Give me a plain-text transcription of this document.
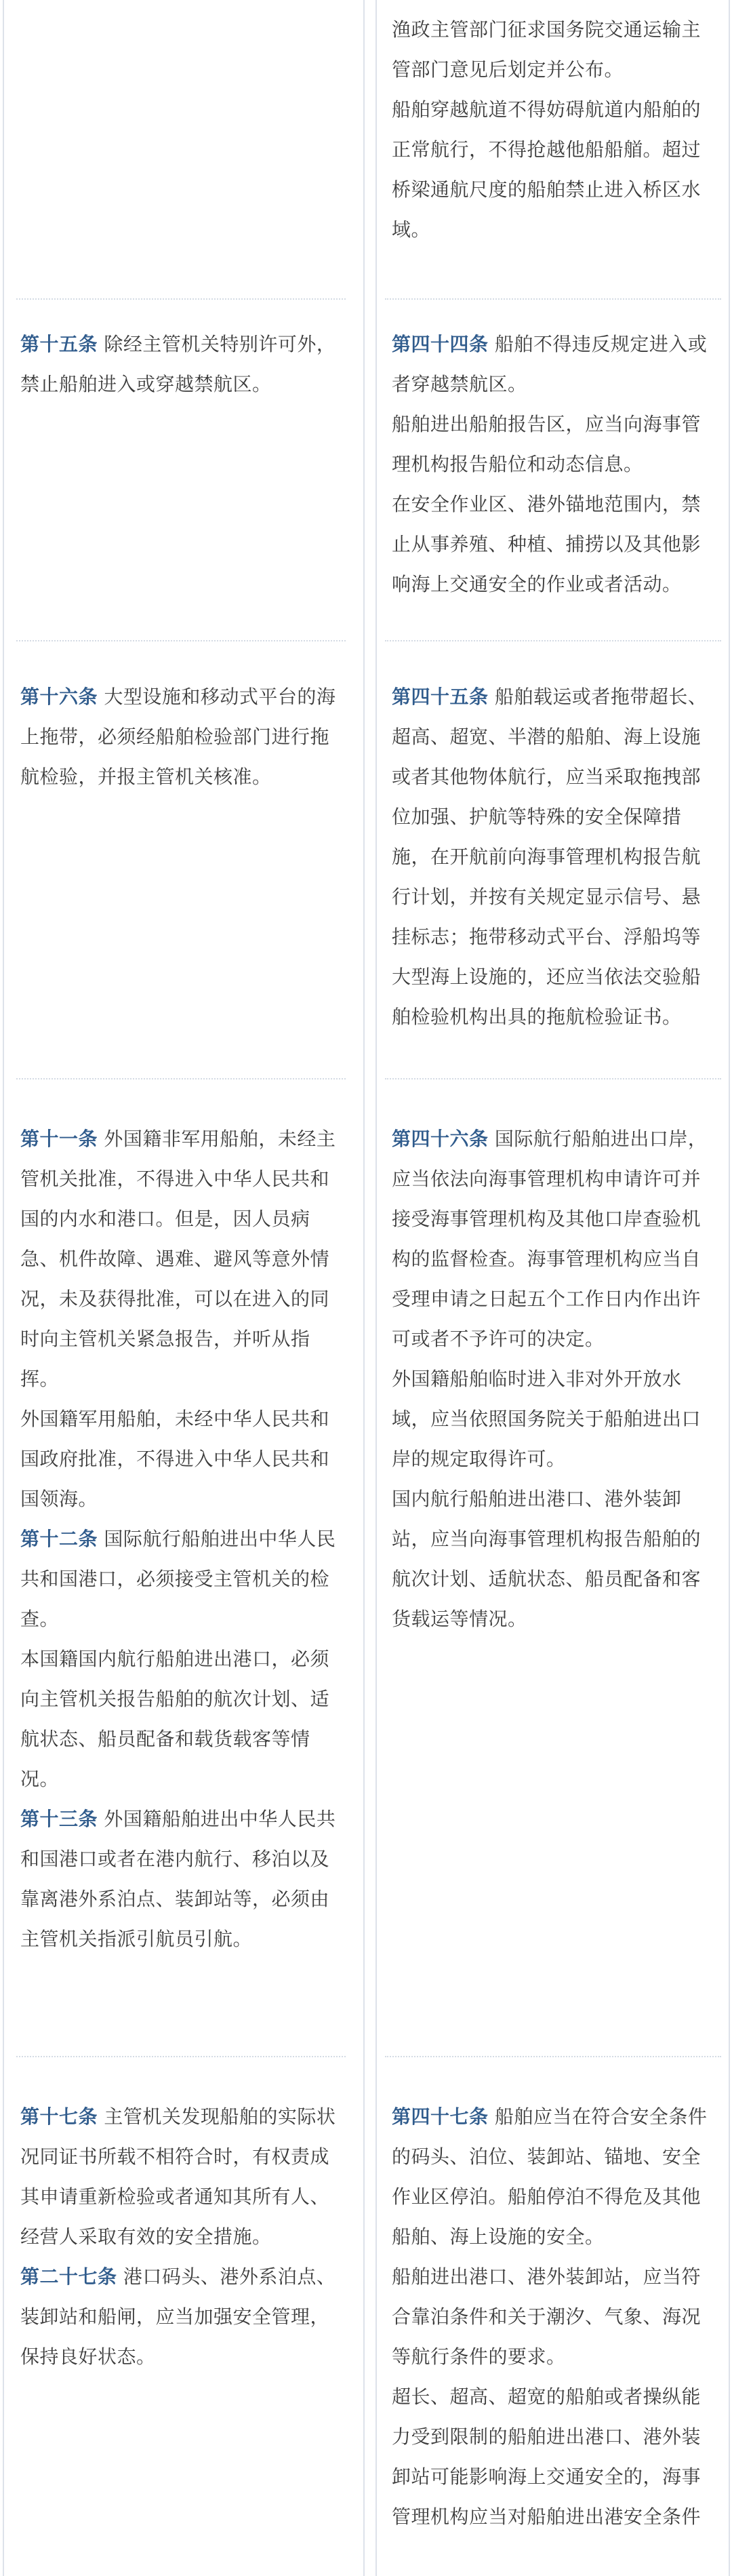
第十五条 除经主管机关特别许可外，禁止船舶进入或穿越禁航区。

第十六条 大型设施和移动式平台的海上拖带，必须经船舶检验部门进行拖航检验，并报主管机关核准。

第十一条 外国籍非军用船舶，未经主管机关批准，不得进入中华人民共和国的内水和港口。但是，因人员病急、机件故障、遇难、避风等意外情况，未及获得批准，可以在进入的同时向主管机关紧急报告，并听从指挥。

外国籍军用船舶，未经中华人民共和国政府批准，不得进入中华人民共和国领海。

第十二条 国际航行船舶进出中华人民共和国港口，必须接受主管机关的检查。

本国籍国内航行船舶进出港口，必须向主管机关报告船舶的航次计划、适航状态、船员配备和载货载客等情况。

第十三条 外国籍船舶进出中华人民共和国港口或者在港内航行、移泊以及靠离港外系泊点、装卸站等，必须由主管机关指派引航员引航。

第十七条 主管机关发现船舶的实际状况同证书所载不相符合时，有权责成其申请重新检验或者通知其所有人、经营人采取有效的安全措施。

第二十七条 港口码头、港外系泊点、装卸站和船闸，应当加强安全管理，保持良好状态。

渔政主管部门征求国务院交通运输主管部门意见后划定并公布。

船舶穿越航道不得妨碍航道内船舶的正常航行，不得抢越他船船艏。超过桥梁通航尺度的船舶禁止进入桥区水域。

第四十四条 船舶不得违反规定进入或者穿越禁航区。

船舶进出船舶报告区，应当向海事管理机构报告船位和动态信息。

在安全作业区、港外锚地范围内，禁止从事养殖、种植、捕捞以及其他影响海上交通安全的作业或者活动。

第四十五条 船舶载运或者拖带超长、超高、超宽、半潜的船舶、海上设施或者其他物体航行，应当采取拖拽部位加强、护航等特殊的安全保障措施，在开航前向海事管理机构报告航行计划，并按有关规定显示信号、悬挂标志；拖带移动式平台、浮船坞等大型海上设施的，还应当依法交验船舶检验机构出具的拖航检验证书。

第四十六条 国际航行船舶进出口岸，应当依法向海事管理机构申请许可并接受海事管理机构及其他口岸查验机构的监督检查。海事管理机构应当自受理申请之日起五个工作日内作出许可或者不予许可的决定。

外国籍船舶临时进入非对外开放水域，应当依照国务院关于船舶进出口岸的规定取得许可。

国内航行船舶进出港口、港外装卸站，应当向海事管理机构报告船舶的航次计划、适航状态、船员配备和客货载运等情况。

第四十七条 船舶应当在符合安全条件的码头、泊位、装卸站、锚地、安全作业区停泊。船舶停泊不得危及其他船舶、海上设施的安全。

船舶进出港口、港外装卸站，应当符合靠泊条件和关于潮汐、气象、海况等航行条件的要求。

超长、超高、超宽的船舶或者操纵能力受到限制的船舶进出港口、港外装卸站可能影响海上交通安全的，海事管理机构应当对船舶进出港安全条件
